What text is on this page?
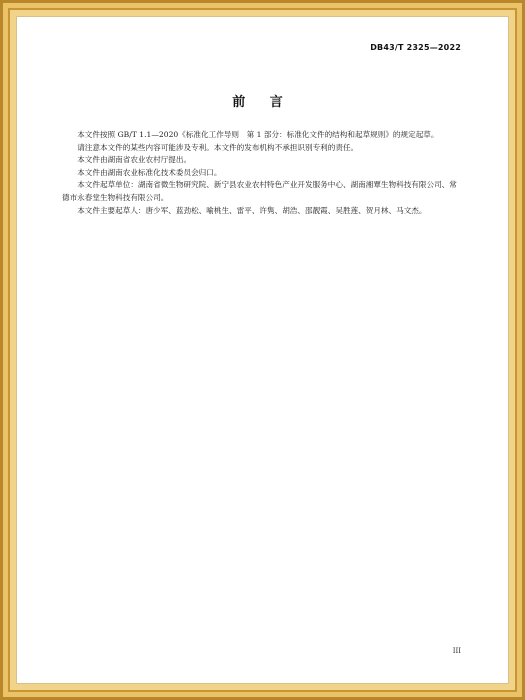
DB43/T 2325—2022
前 言

本文件按照 GB/T 1.1—2020《标准化工作导则　第 1 部分：标准化文件的结构和起草规则》的规定起草。

请注意本文件的某些内容可能涉及专利。本文件的发布机构不承担识别专利的责任。

本文件由湖南省农业农村厅提出。

本文件由湖南农业标准化技术委员会归口。

本文件起草单位：湖南省微生物研究院、新宁县农业农村特色产业开发服务中心、湖南湘覃生物科技有限公司、常德市永春堂生物科技有限公司。

本文件主要起草人：唐少军、蓝劲松、喻桃生、雷平、许隽、胡浩、邵靓霞、吴胜莲、贺月林、马文杰。

III
